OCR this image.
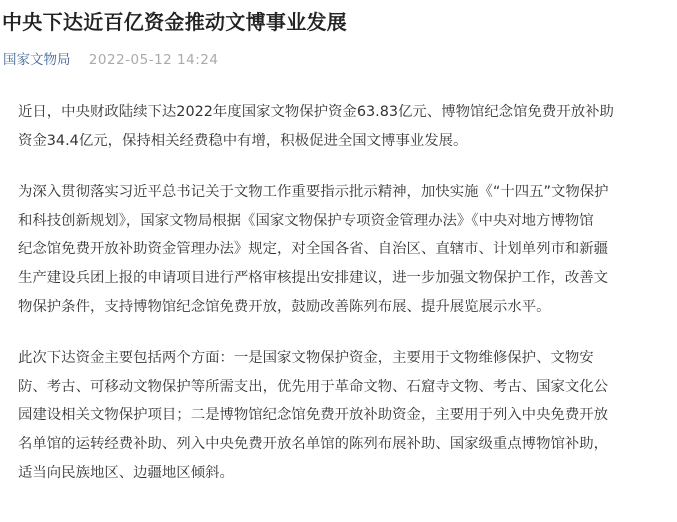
中央下达近百亿资金推动文博事业发展
国家文物局 2022-05-12 14:24

近日，中央财政陆续下达2022年度国家文物保护资金63.83亿元、博物馆纪念馆免费开放补助
资金34.4亿元，保持相关经费稳中有增，积极促进全国文博事业发展。

为深入贯彻落实习近平总书记关于文物工作重要指示批示精神，加快实施《“十四五”文物保护
和科技创新规划》，国家文物局根据《国家文物保护专项资金管理办法》《中央对地方博物馆
纪念馆免费开放补助资金管理办法》规定，对全国各省、自治区、直辖市、计划单列市和新疆
生产建设兵团上报的申请项目进行严格审核提出安排建议，进一步加强文物保护工作，改善文
物保护条件，支持博物馆纪念馆免费开放，鼓励改善陈列布展、提升展览展示水平。

此次下达资金主要包括两个方面：一是国家文物保护资金，主要用于文物维修保护、文物安
防、考古、可移动文物保护等所需支出，优先用于革命文物、石窟寺文物、考古、国家文化公
园建设相关文物保护项目；二是博物馆纪念馆免费开放补助资金，主要用于列入中央免费开放
名单馆的运转经费补助、列入中央免费开放名单馆的陈列布展补助、国家级重点博物馆补助，
适当向民族地区、边疆地区倾斜。
